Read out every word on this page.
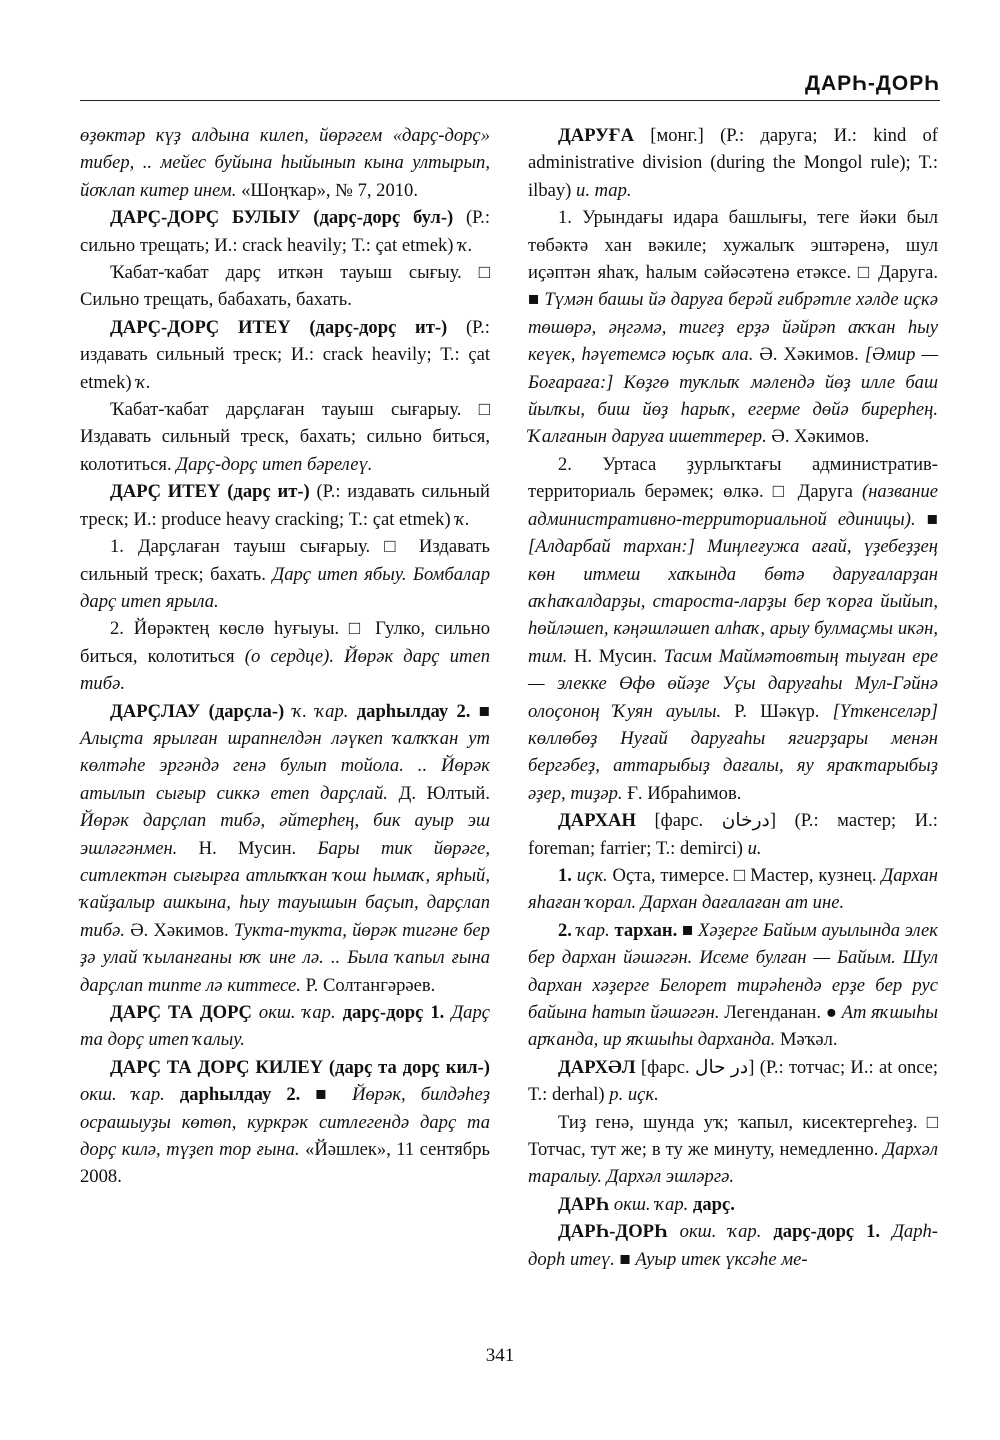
ДАРҺ-ДОРҺ

өҙөктәр күҙ алдына килеп, йөрәгем «дарҫ-дорҫ» тибер, .. мейес буйына һыйынып кына ултырып, йоҡлап китер инем. «Шоңҡар», № 7, 2010.

ДАРҪ-ДОРҪ БУЛЫУ (дарҫ-дорҫ бул-) (Р.: сильно трещать; И.: crack heavily; Т.: çat etmek) ҡ.

Ҡабат-ҡабат дарҫ иткән тауыш сығыу. □ Сильно трещать, бабахать, бахать.

ДАРҪ-ДОРҪ ИТЕҮ (дарҫ-дорҫ ит-) (Р.: издавать сильный треск; И.: crack heavily; Т.: çat etmek) ҡ.

Ҡабат-ҡабат дарҫлаған тауыш сығарыу. □ Издавать сильный треск, бахать; сильно биться, колотиться. Дарҫ-дорҫ итеп бәрелеү.

ДАРҪ ИТЕҮ (дарҫ ит-) (Р.: издавать сильный треск; И.: produce heavy cracking; Т.: çat etmek) ҡ.

1. Дарҫлаған тауыш сығарыу. □ Издавать сильный треск; бахать. Дарҫ итеп ябыу. Бомбалар дарҫ итеп ярыла.

2. Йөрәктең көслө һуғыуы. □ Гулко, сильно биться, колотиться (о сердце). Йөрәк дарҫ итеп тибә.

ДАРҪЛАУ (дарҫла-) ҡ. ҡар. дарһылдау 2. ■ Алыҫта ярылған шрапнелдән ләүкеп ҡалҡҡан ут көлтәһе эргәндә генә булып тойола. .. Йөрәк атылып сығыр сиккә етеп дарҫлай. Д. Юлтый. Йөрәк дарҫлап тибә, әйтерһең, бик ауыр эш эшләгәнмен. Н. Мусин. Бары тик йөрәге, ситлектән сығырға атлыҡҡан ҡош һымаҡ, ярһый, ҡайҙалыр ашкына, һыу тауышын баҫып, дарҫлап тибә. Ә. Хәкимов. Тукта-тукта, йөрәк тигәне бер ҙә улай ҡыланғаны юҡ ине лә. .. Была ҡапыл ғына дарҫлап типте лә киттесе. Р. Солтангәрәев.

ДАРҪ ТА ДОРҪ окш. ҡар. дарҫ-дорҫ 1. Дарҫ та дорҫ итеп ҡалыу.

ДАРҪ ТА ДОРҪ КИЛЕҮ (дарҫ та дорҫ кил-) окш. ҡар. дарһылдау 2. ■ Йөрәк, билдәһеҙ осрашыуҙы көтөп, куркрәк ситлегендә дарҫ та дорҫ килә, түҙеп тор ғына. «Йәшлек», 11 сентябрь 2008.

ДАРУҒА [монг.] (Р.: даруга; И.: kind of administrative division (during the Mongol rule); Т.: ilbay) и. тар.

1. Урындағы идара башлығы, теге йәки был төбәктә хан вәкиле; хужалыҡ эштәренә, шул иҫәптән яһаҡ, һалым сәйәсәтенә етәксе. □ Даруга. ■ Түмән башы йә даруға берәй ғибрәтле хәлде иҫкә төшөрә, әңгәмә, тигеҙ ерҙә йәйрәп аҡҡан һыу кеүек, һәүетемсә юҫыҡ ала. Ә. Хәкимов. [Әмир — Боғараға:] Көҙгө туҡлыҡ мәлендә йөҙ илле баш йылҡы, биш йөҙ һарыҡ, егерме дөйә бирерһең. Ҡалғанын даруға ишеттерер. Ә. Хәкимов.

2. Уртаса ҙурлыҡтағы административ-территориаль берәмек; өлкә. □ Даруга (название административно-территориальной единицы). ■ [Алдарбай тархан:] Миңлеғужа ағай, үҙебеҙҙең көн итмеш хаҡында бөтә даруғаларҙан аҡһаҡалдарҙы, староста-ларҙы бер ҡорға йыйып, һөйләшеп, кәңәшләшеп алһаҡ, арыу булмаҫмы икән, тим. Н. Мусин. Тасим Маймәтовтың тыуған ере — элекке Өфө өйәҙе Уҫы даруғаһы Мул-Гәйнә олоҫоноң Ҡуян ауылы. Р. Шәкүр. [Үткенселәр] көллөбөҙ Нуғай даруғаһы ягигрҙары менән бергәбеҙ, аттарыбыҙ дағалы, яу яраҡтарыбыҙ әҙер, тиҙәр. Ғ. Ибраһимов.

ДАРХАН [фарс. درخان] (Р.: мастер; И.: foreman; farrier; Т.: demirci) и.

1. иҫк. Оҫта, тимерсе. □ Мастер, кузнец. Дархан яһаған ҡорал. Дархан дағалаған ат ине.

2. ҡар. тархан. ■ Хәҙерге Байым ауылында элек бер дархан йәшәгән. Исеме булған — Байым. Шул дархан хәҙерге Белорет тирәһендә ерҙе бер рус байына һатып йәшәгән. Легенданан. ● Ат яҡшыһы арҡанда, ир яҡшыһы дарханда. Мәҡәл.

ДАРХӘЛ [фарс. در حال] (Р.: тотчас; И.: at once; Т.: derhal) р. иҫк.

Тиҙ генә, шунда уҡ; ҡапыл, кисектергеһеҙ. □ Тотчас, тут же; в ту же минуту, немедленно. Дархәл таралыу. Дархәл эшләргә.

ДАРҺ окш. ҡар. дарҫ.

ДАРҺ-ДОРҺ окш. ҡар. дарҫ-дорҫ 1. Дарһ-дорһ итеү. ■ Ауыр итек үксәһе ме-

341
